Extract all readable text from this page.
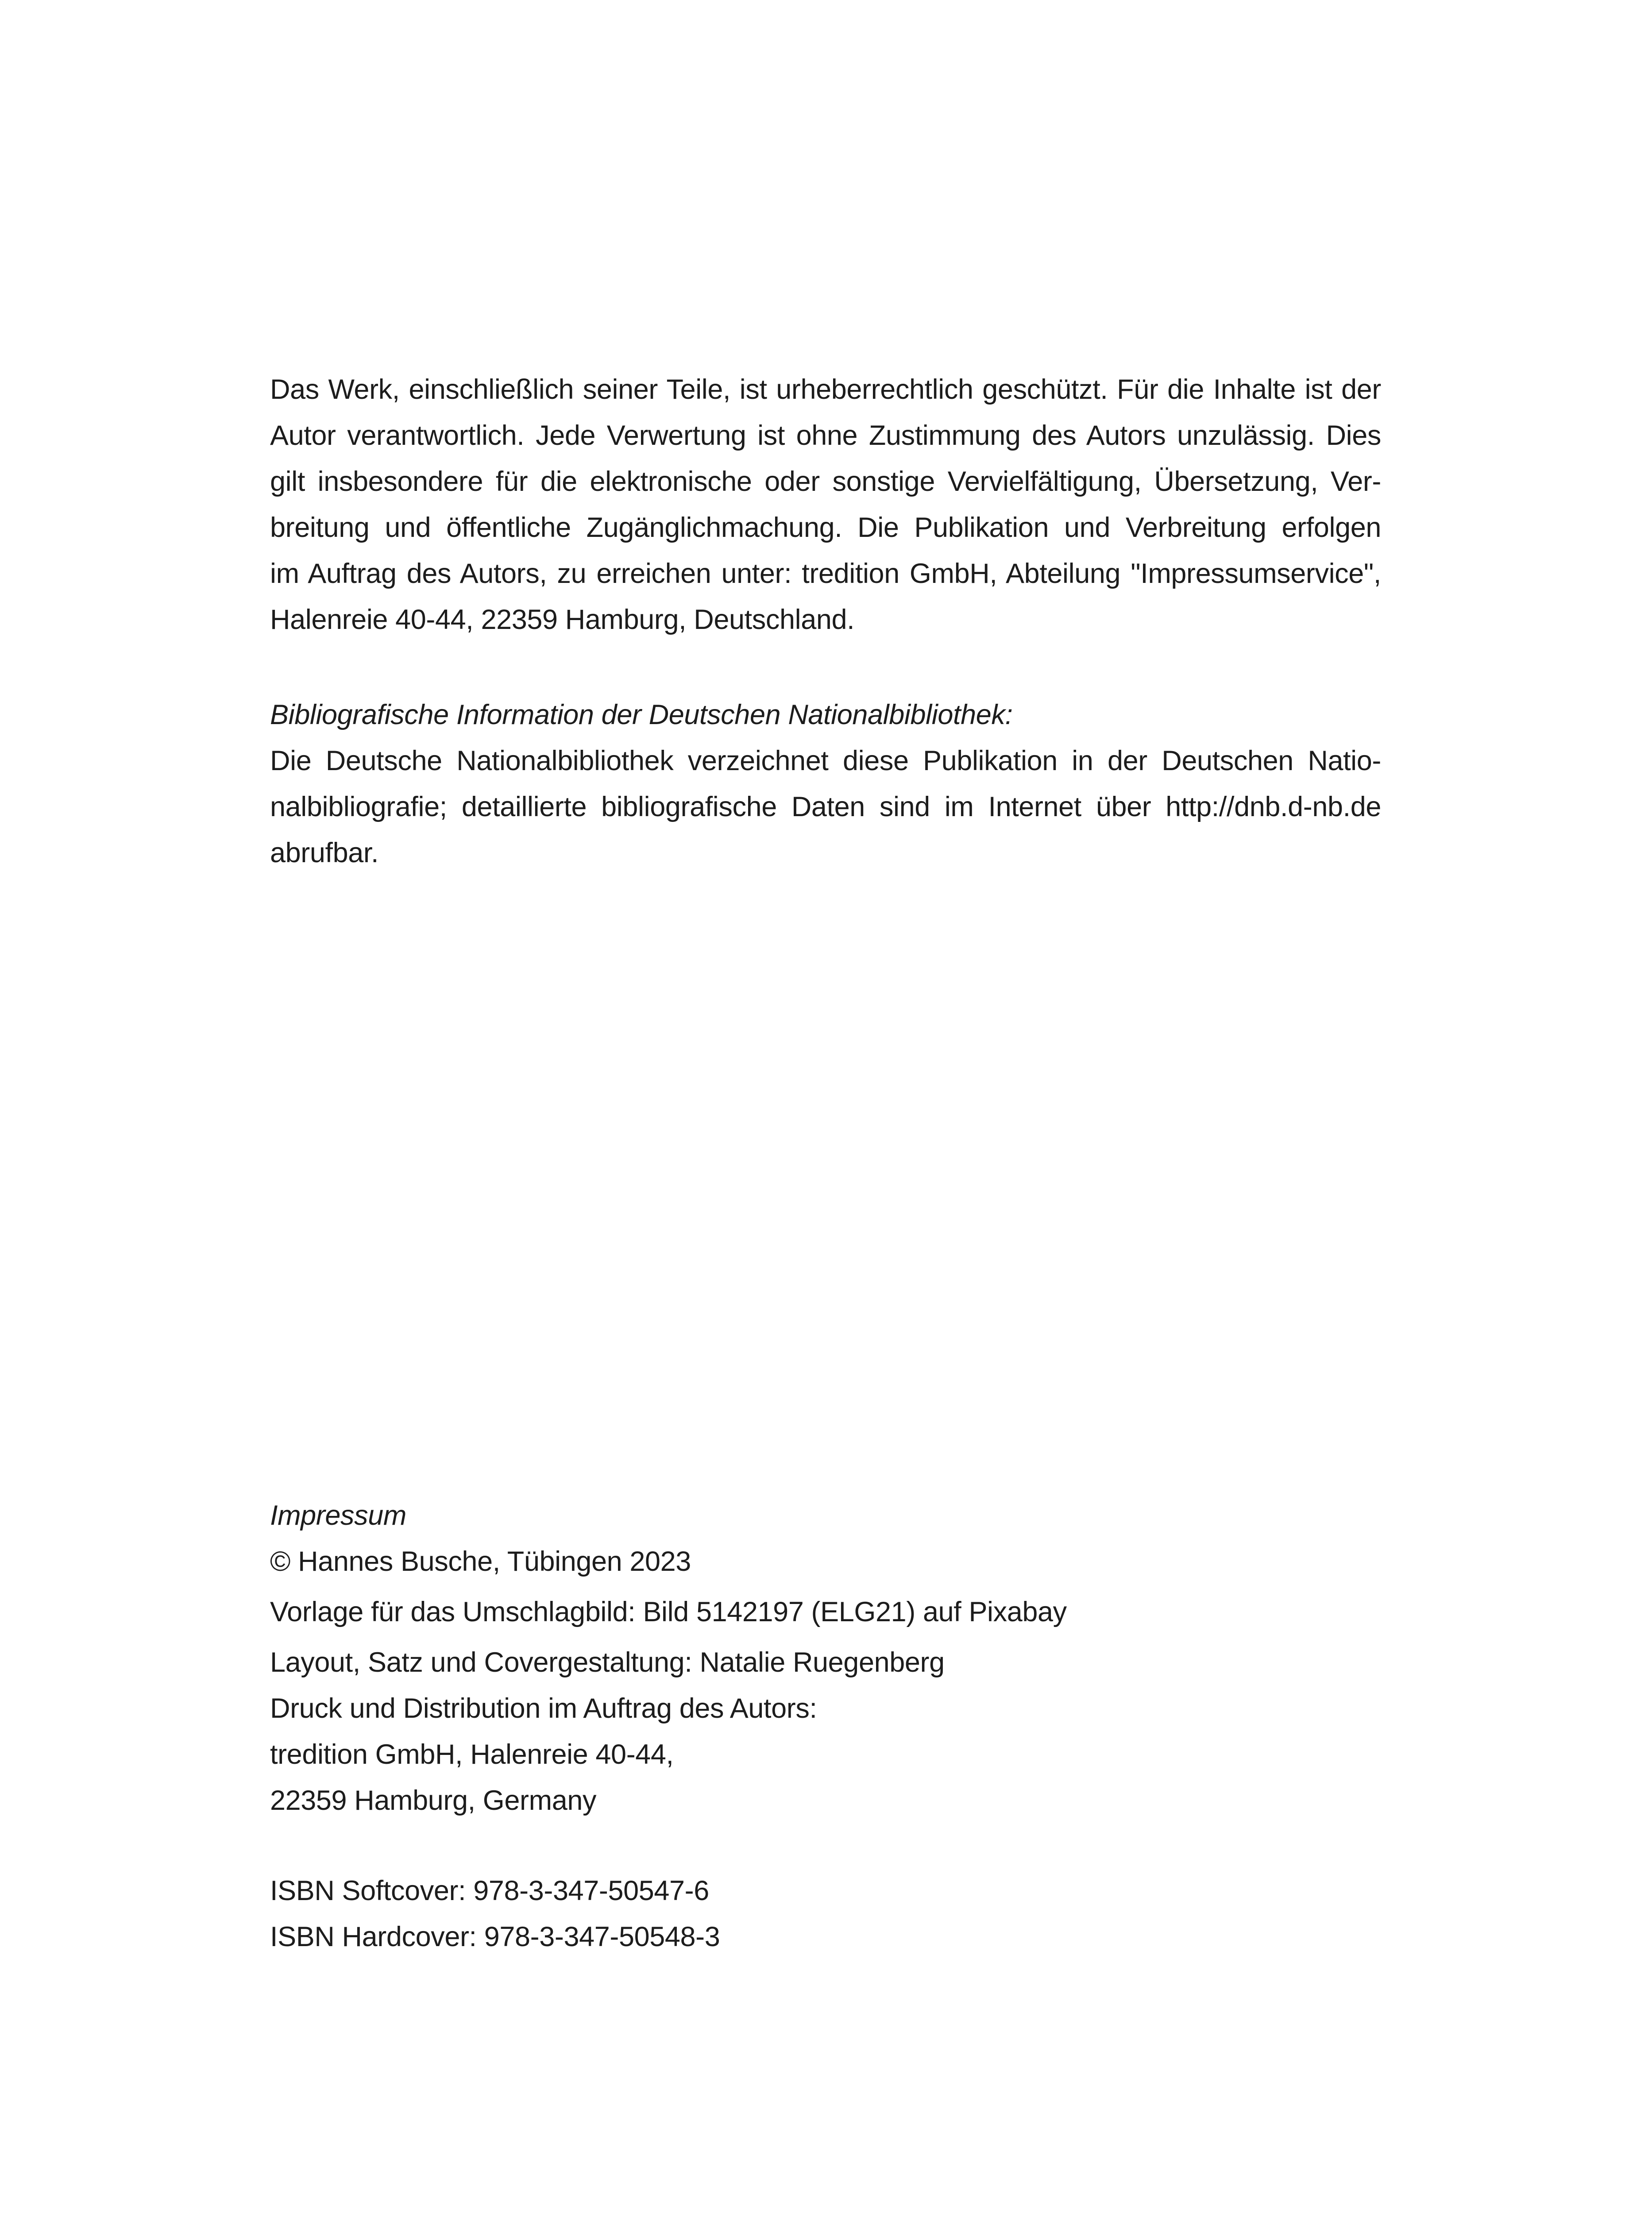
Das Werk, einschließlich seiner Teile, ist urheberrechtlich geschützt. Für die Inhalte ist der
Autor verantwortlich. Jede Verwertung ist ohne Zustimmung des Autors unzulässig. Dies
gilt insbesondere für die elektronische oder sonstige Vervielfältigung, Übersetzung, Ver-
breitung und öffentliche Zugänglichmachung. Die Publikation und Verbreitung erfolgen
im Auftrag des Autors, zu erreichen unter: tredition GmbH, Abteilung "Impressumservice",
Halenreie 40-44, 22359 Hamburg, Deutschland.
Bibliografische Information der Deutschen Nationalbibliothek:
Die Deutsche Nationalbibliothek verzeichnet diese Publikation in der Deutschen Natio-
nalbibliografie; detaillierte bibliografische Daten sind im Internet über http://dnb.d-nb.de
abrufbar.
Impressum
© Hannes Busche, Tübingen 2023
Vorlage für das Umschlagbild: Bild 5142197 (ELG21) auf Pixabay
Layout, Satz und Covergestaltung: Natalie Ruegenberg
Druck und Distribution im Auftrag des Autors:
tredition GmbH, Halenreie 40-44,
22359 Hamburg, Germany
ISBN Softcover: 978-3-347-50547-6
ISBN Hardcover: 978-3-347-50548-3
